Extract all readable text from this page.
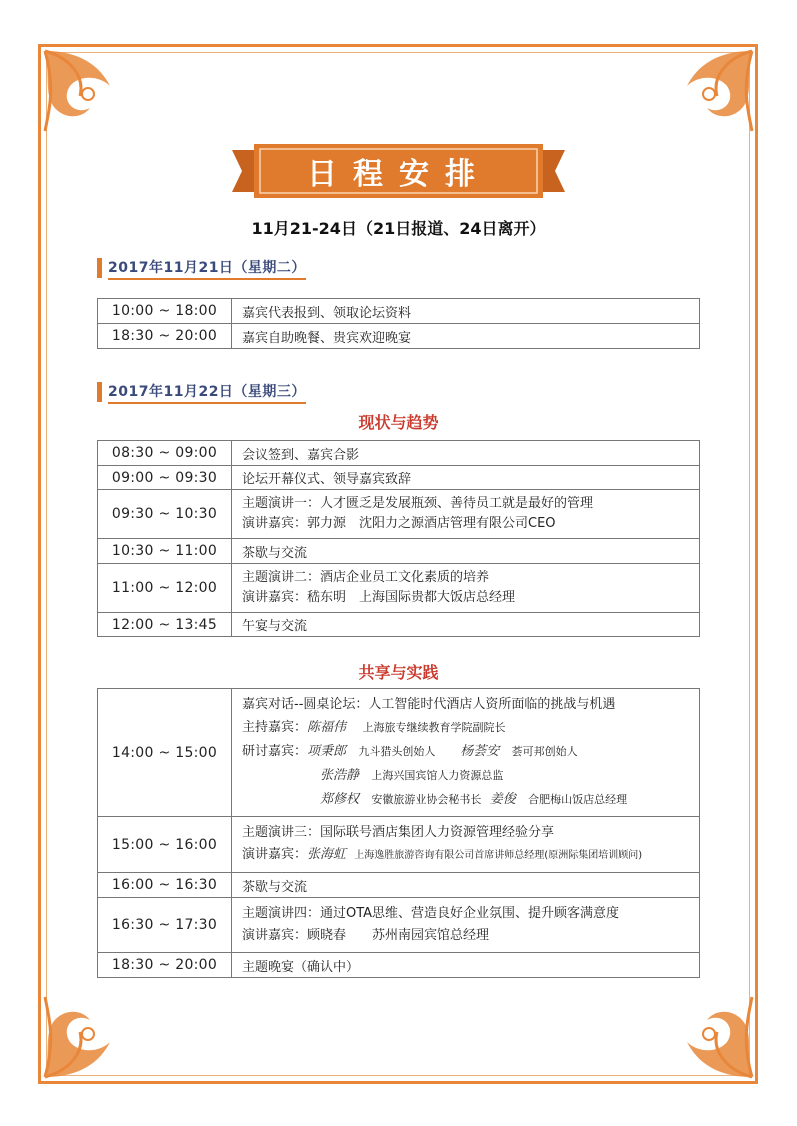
日程安排
11月21-24日（21日报道、24日离开）
2017年11月21日（星期二）
10:00 ~ 18:00	嘉宾代表报到、领取论坛资料
18:30 ~ 20:00	嘉宾自助晚餐、贵宾欢迎晚宴
2017年11月22日（星期三）
现状与趋势
08:30 ~ 09:00	会议签到、嘉宾合影
09:00 ~ 09:30	论坛开幕仪式、领导嘉宾致辞
09:30 ~ 10:30	主题演讲一：人才匮乏是发展瓶颈、善待员工就是最好的管理
演讲嘉宾：郭力源　沈阳力之源酒店管理有限公司CEO

10:30 ~ 11:00	茶歇与交流
11:00 ~ 12:00	主题演讲二：酒店企业员工文化素质的培养
演讲嘉宾：嵇东明　上海国际贵都大饭店总经理

12:00 ~ 13:45	午宴与交流
共享与实践
14:00 ~ 15:00	嘉宾对话--圆桌论坛：人工智能时代酒店人资所面临的挑战与机遇
主持嘉宾：陈福伟 上海旅专继续教育学院副院长
研讨嘉宾：项秉郎 九斗猎头创始人 杨荟安 荟可邦创始人
张浩静 上海兴国宾馆人力资源总监
郑修权 安徽旅游业协会秘书长 姜俊 合肥梅山饭店总经理

15:00 ~ 16:00	主题演讲三：国际联号酒店集团人力资源管理经验分享
演讲嘉宾：张海虹 上海逸胜旅游咨询有限公司首席讲师总经理(原洲际集团培训顾问)

16:00 ~ 16:30	茶歇与交流
16:30 ~ 17:30	主题演讲四：通过OTA思维、营造良好企业氛围、提升顾客满意度
演讲嘉宾：顾晓春　　苏州南园宾馆总经理

18:30 ~ 20:00	主题晚宴（确认中）
中国酒店人才网
